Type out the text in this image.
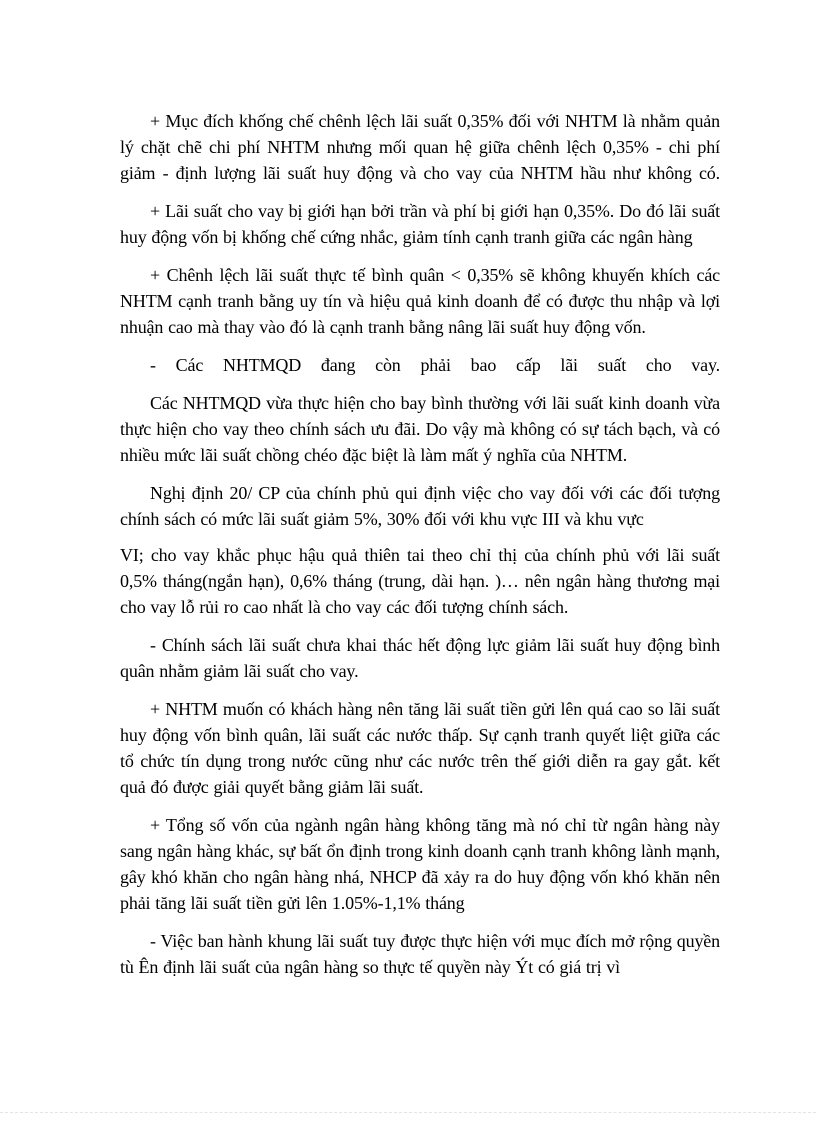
+ Mục đích khống chế chênh lệch lãi suất 0,35% đối với NHTM là nhằm quản lý chặt chẽ chi phí NHTM nhưng mối quan hệ giữa chênh lệch 0,35% - chi phí giảm - định lượng lãi suất huy động và cho vay của NHTM hầu như không có.

+ Lãi suất cho vay bị giới hạn bởi trần và phí bị giới hạn 0,35%. Do đó lãi suất huy động vốn bị khống chế cứng nhắc, giảm tính cạnh tranh giữa các ngân hàng

+ Chênh lệch lãi suất thực tế bình quân < 0,35% sẽ không khuyến khích các NHTM cạnh tranh bằng uy tín và hiệu quả kinh doanh để có được thu nhập và lợi nhuận cao mà thay vào đó là cạnh tranh bằng nâng lãi suất huy động vốn.

- Các NHTMQD đang còn phải bao cấp lãi suất cho vay.

Các NHTMQD vừa thực hiện cho bay bình thường với lãi suất kinh doanh vừa thực hiện cho vay theo chính sách ưu đãi. Do vậy mà không có sự tách bạch, và có nhiều mức lãi suất chồng chéo đặc biệt là làm mất ý nghĩa của NHTM.

Nghị định 20/ CP của chính phủ qui định việc cho vay đối với các đối tượng chính sách có mức lãi suất giảm 5%, 30% đối với khu vực III và khu vực

VI; cho vay khắc phục hậu quả thiên tai theo chỉ thị của chính phủ với lãi suất 0,5% tháng(ngắn hạn), 0,6% tháng (trung, dài hạn. )… nên ngân hàng thương mại cho vay lỗ rủi ro cao nhất là cho vay các đối tượng chính sách.

- Chính sách lãi suất chưa khai thác hết động lực giảm lãi suất huy động bình quân nhằm giảm lãi suất cho vay.

+ NHTM muốn có khách hàng nên tăng lãi suất tiền gửi lên quá cao so lãi suất huy động vốn bình quân, lãi suất các nước thấp. Sự cạnh tranh quyết liệt giữa các tổ chức tín dụng trong nước cũng như các nước trên thế giới diễn ra gay gắt. kết quả đó được giải quyết bằng giảm lãi suất.

+ Tổng số vốn của ngành ngân hàng không tăng mà nó chỉ từ ngân hàng này sang ngân hàng khác, sự bất ổn định trong kinh doanh cạnh tranh không lành mạnh, gây khó khăn cho ngân hàng nhá, NHCP đã xảy ra do huy động vốn khó khăn nên phải tăng lãi suất tiền gửi lên 1.05%-1,1% tháng

- Việc ban hành khung lãi suất tuy được thực hiện với mục đích mở rộng quyền tù Ên định lãi suất của ngân hàng so thực tế quyền này Ýt có giá trị vì
